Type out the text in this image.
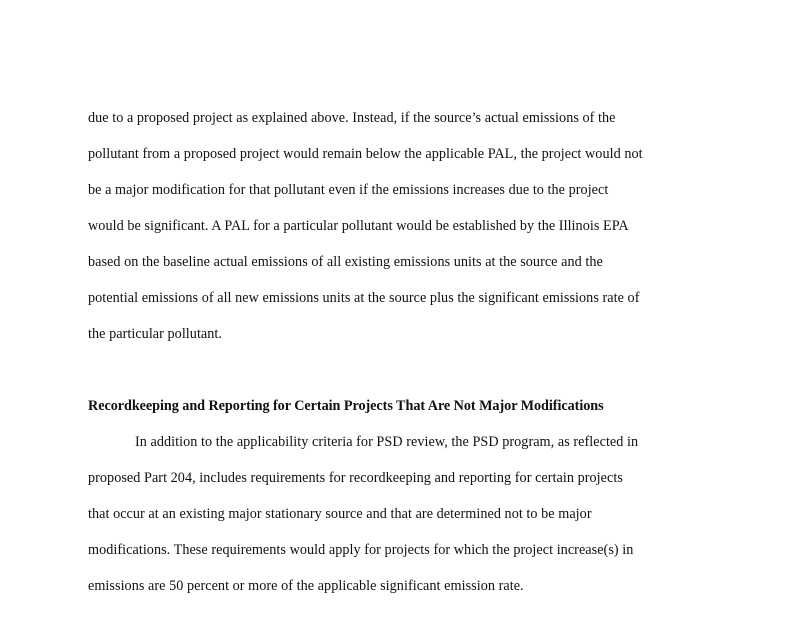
due to a proposed project as explained above. Instead, if the source’s actual emissions of the

pollutant from a proposed project would remain below the applicable PAL, the project would not

be a major modification for that pollutant even if the emissions increases due to the project

would be significant. A PAL for a particular pollutant would be established by the Illinois EPA

based on the baseline actual emissions of all existing emissions units at the source and the

potential emissions of all new emissions units at the source plus the significant emissions rate of

the particular pollutant.

Recordkeeping and Reporting for Certain Projects That Are Not Major Modifications

In addition to the applicability criteria for PSD review, the PSD program, as reflected in

proposed Part 204, includes requirements for recordkeeping and reporting for certain projects

that occur at an existing major stationary source and that are determined not to be major

modifications. These requirements would apply for projects for which the project increase(s) in

emissions are 50 percent or more of the applicable significant emission rate.
